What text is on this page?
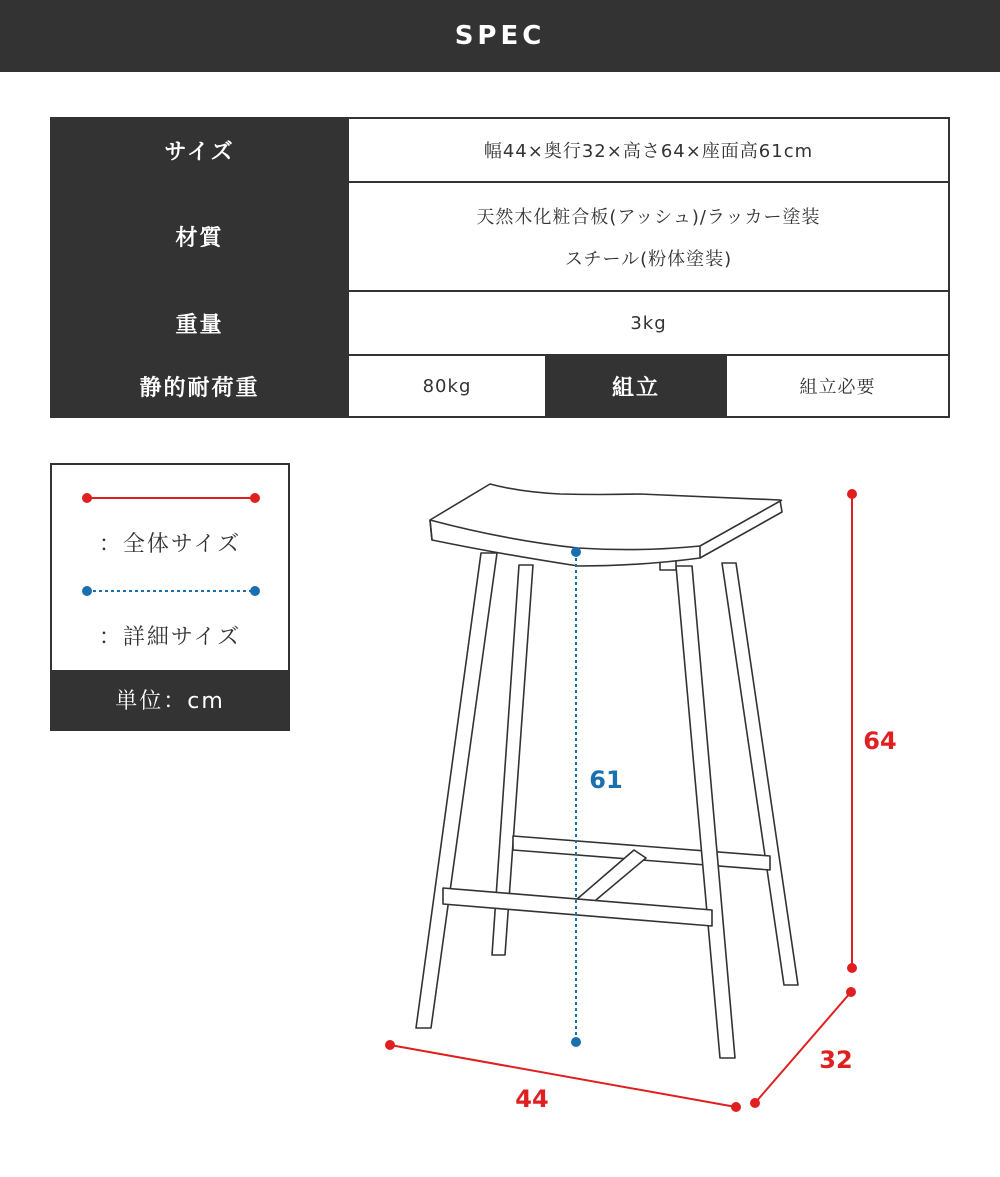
SPEC
サイズ	幅44×奥行32×高さ64×座面高61cm
材質
天然木化粧合板(アッシュ)/ラッカー塗装
スチール(粉体塗装)
重量	3kg
静的耐荷重	80kg	組立	組立必要
：全体サイズ
：詳細サイズ
単位：cm
61
64
44
32
